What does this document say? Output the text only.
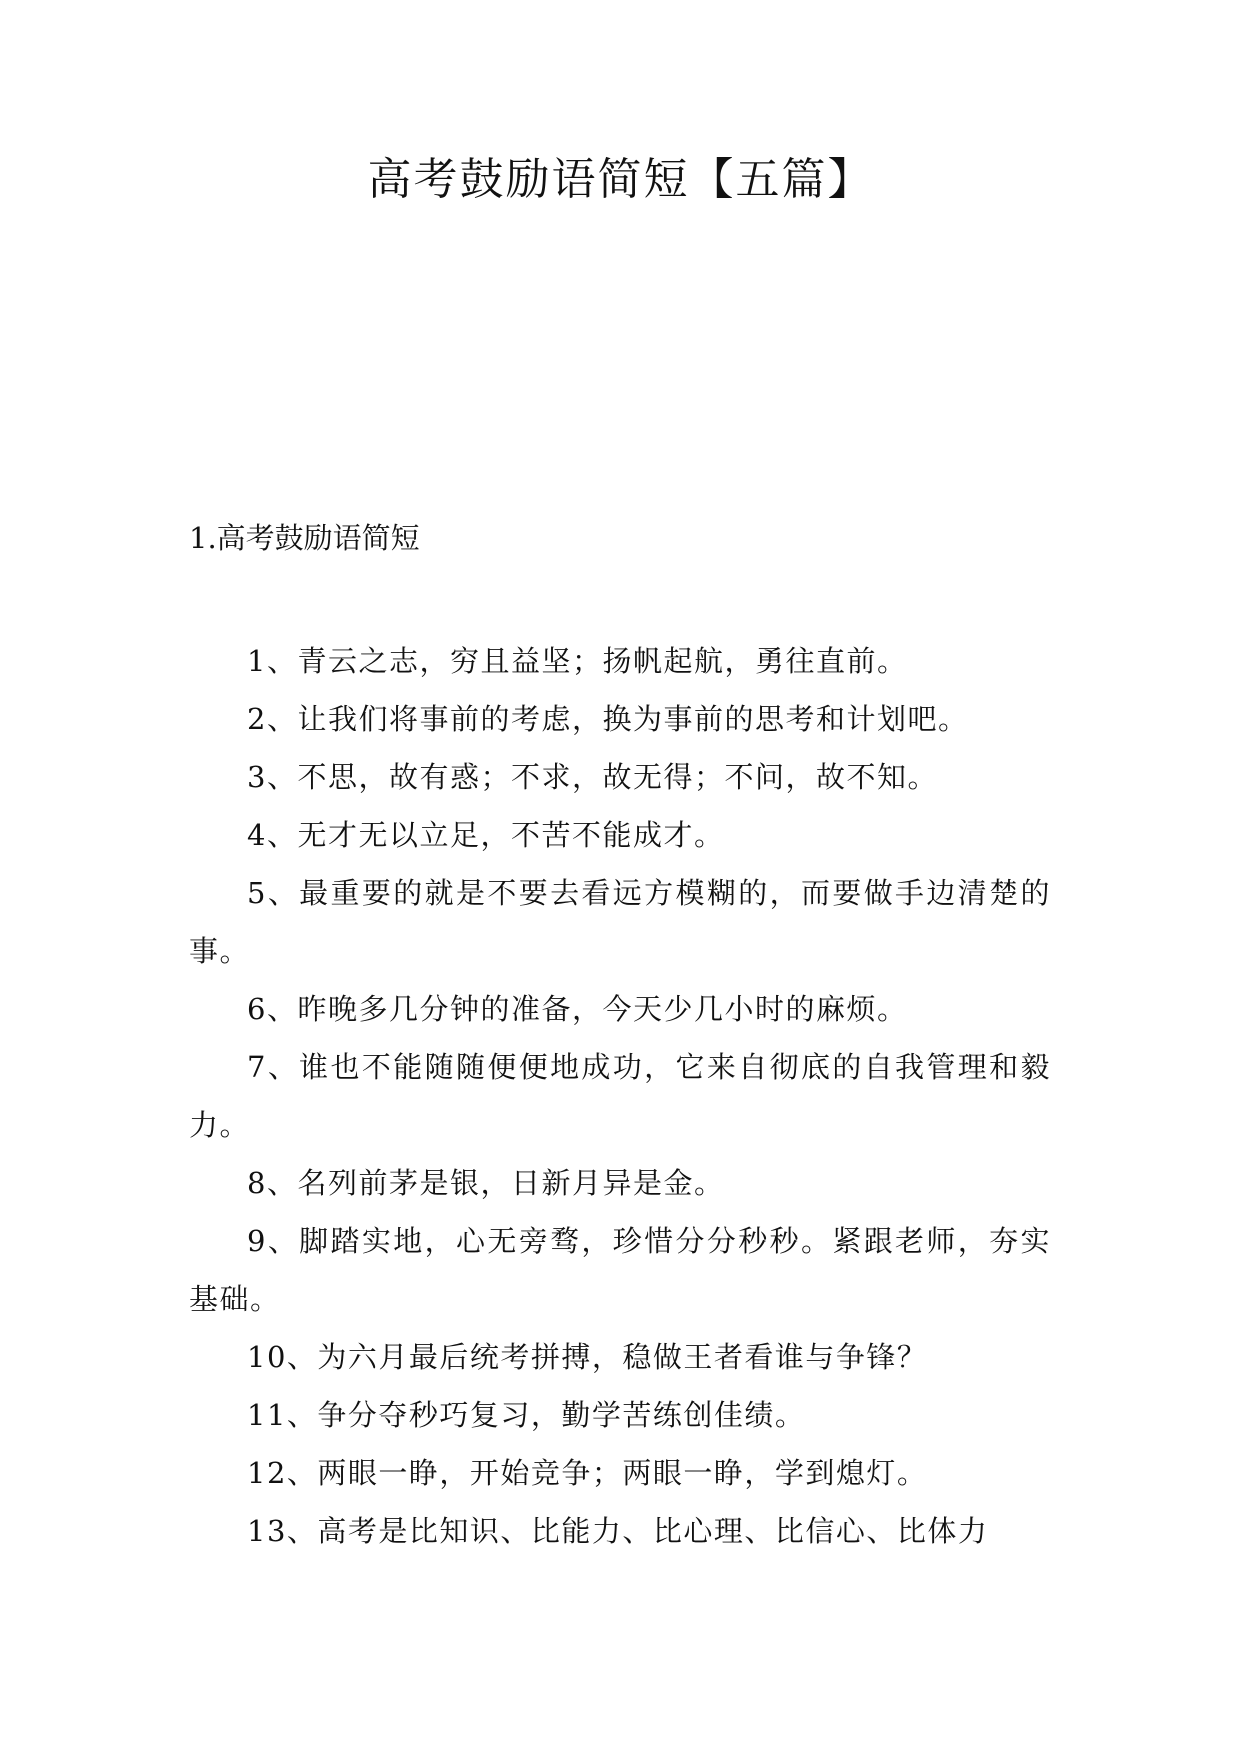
高考鼓励语简短【五篇】
1.高考鼓励语简短
1、青云之志，穷且益坚；扬帆起航，勇往直前。
2、让我们将事前的考虑，换为事前的思考和计划吧。
3、不思，故有惑；不求，故无得；不问，故不知。
4、无才无以立足，不苦不能成才。
5、最重要的就是不要去看远方模糊的，而要做手边清楚的事。
6、昨晚多几分钟的准备，今天少几小时的麻烦。
7、谁也不能随随便便地成功，它来自彻底的自我管理和毅力。
8、名列前茅是银，日新月异是金。
9、脚踏实地，心无旁骛，珍惜分分秒秒。紧跟老师，夯实基础。
10、为六月最后统考拼搏，稳做王者看谁与争锋？
11、争分夺秒巧复习，勤学苦练创佳绩。
12、两眼一睁，开始竞争；两眼一睁，学到熄灯。
13、高考是比知识、比能力、比心理、比信心、比体力
